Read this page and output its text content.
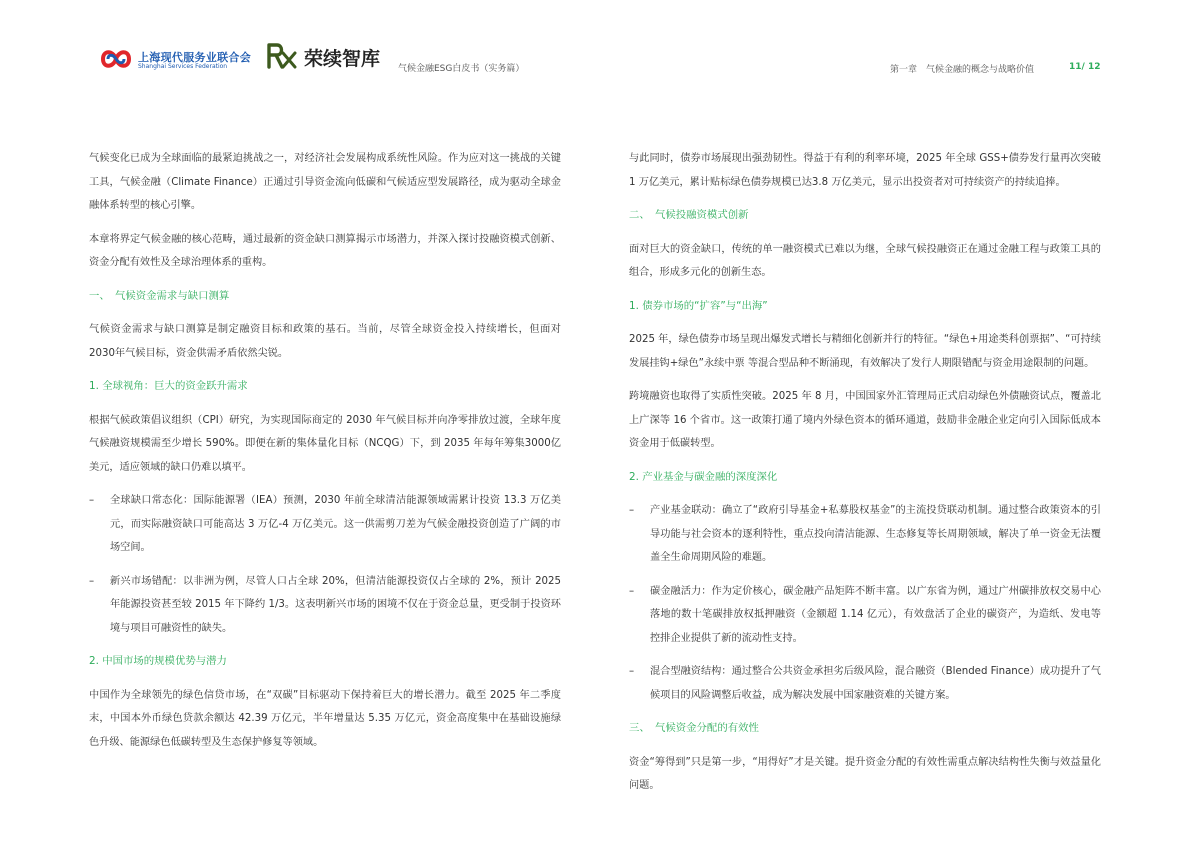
上海现代服务业联合会
Shanghai Services Federation	荣续智库 气候金融ESG白皮书（实务篇）	第一章　气候金融的概念与战略价值	11/ 12

气候变化已成为全球面临的最紧迫挑战之一，对经济社会发展构成系统性风险。作为应对这一挑战的关键工具，气候金融（Climate Finance）正通过引导资金流向低碳和气候适应型发展路径，成为驱动全球金融体系转型的核心引擎。

本章将界定气候金融的核心范畴，通过最新的资金缺口测算揭示市场潜力，并深入探讨投融资模式创新、资金分配有效性及全球治理体系的重构。

一、　气候资金需求与缺口测算

气候资金需求与缺口测算是制定融资目标和政策的基石。当前，尽管全球资金投入持续增长，但面对2030年气候目标，资金供需矛盾依然尖锐。

1. 全球视角：巨大的资金跃升需求

根据气候政策倡议组织（CPI）研究，为实现国际商定的 2030 年气候目标并向净零排放过渡，全球年度气候融资规模需至少增长 590%。即便在新的集体量化目标（NCQG）下，到 2035 年每年筹集3000亿美元，适应领域的缺口仍难以填平。

– 全球缺口常态化：国际能源署（IEA）预测，2030 年前全球清洁能源领域需累计投资 13.3 万亿美元，而实际融资缺口可能高达 3 万亿-4 万亿美元。这一供需剪刀差为气候金融投资创造了广阔的市场空间。

– 新兴市场错配：以非洲为例，尽管人口占全球 20%，但清洁能源投资仅占全球的 2%，预计 2025 年能源投资甚至较 2015 年下降约 1/3。这表明新兴市场的困境不仅在于资金总量，更受制于投资环境与项目可融资性的缺失。

2. 中国市场的规模优势与潜力

中国作为全球领先的绿色信贷市场，在“双碳”目标驱动下保持着巨大的增长潜力。截至 2025 年二季度末，中国本外币绿色贷款余额达 42.39 万亿元，半年增量达 5.35 万亿元，资金高度集中在基础设施绿色升级、能源绿色低碳转型及生态保护修复等领域。

与此同时，债券市场展现出强劲韧性。得益于有利的利率环境，2025 年全球 GSS+债券发行量再次突破 1 万亿美元，累计贴标绿色债券规模已达3.8 万亿美元，显示出投资者对可持续资产的持续追捧。

二、　气候投融资模式创新

面对巨大的资金缺口，传统的单一融资模式已难以为继，全球气候投融资正在通过金融工程与政策工具的组合，形成多元化的创新生态。

1. 债券市场的“扩容”与“出海”

2025 年，绿色债券市场呈现出爆发式增长与精细化创新并行的特征。“绿色+用途类科创票据”、“可持续发展挂钩+绿色”永续中票 等混合型品种不断涌现，有效解决了发行人期限错配与资金用途限制的问题。

跨境融资也取得了实质性突破。2025 年 8 月，中国国家外汇管理局正式启动绿色外债融资试点，覆盖北上广深等 16 个省市。这一政策打通了境内外绿色资本的循环通道，鼓励非金融企业定向引入国际低成本资金用于低碳转型。

2. 产业基金与碳金融的深度深化
– 产业基金联动：确立了“政府引导基金+私募股权基金”的主流投贷联动机制。通过整合政策资本的引导功能与社会资本的逐利特性，重点投向清洁能源、生态修复等长周期领域，解决了单一资金无法覆盖全生命周期风险的难题。

– 碳金融活力：作为定价核心，碳金融产品矩阵不断丰富。以广东省为例，通过广州碳排放权交易中心落地的数十笔碳排放权抵押融资（金额超 1.14 亿元），有效盘活了企业的碳资产，为造纸、发电等控排企业提供了新的流动性支持。

– 混合型融资结构：通过整合公共资金承担劣后级风险，混合融资（Blended Finance）成功提升了气候项目的风险调整后收益，成为解决发展中国家融资难的关键方案。

三、　气候资金分配的有效性

资金“筹得到”只是第一步，“用得好”才是关键。提升资金分配的有效性需重点解决结构性失衡与效益量化问题。
